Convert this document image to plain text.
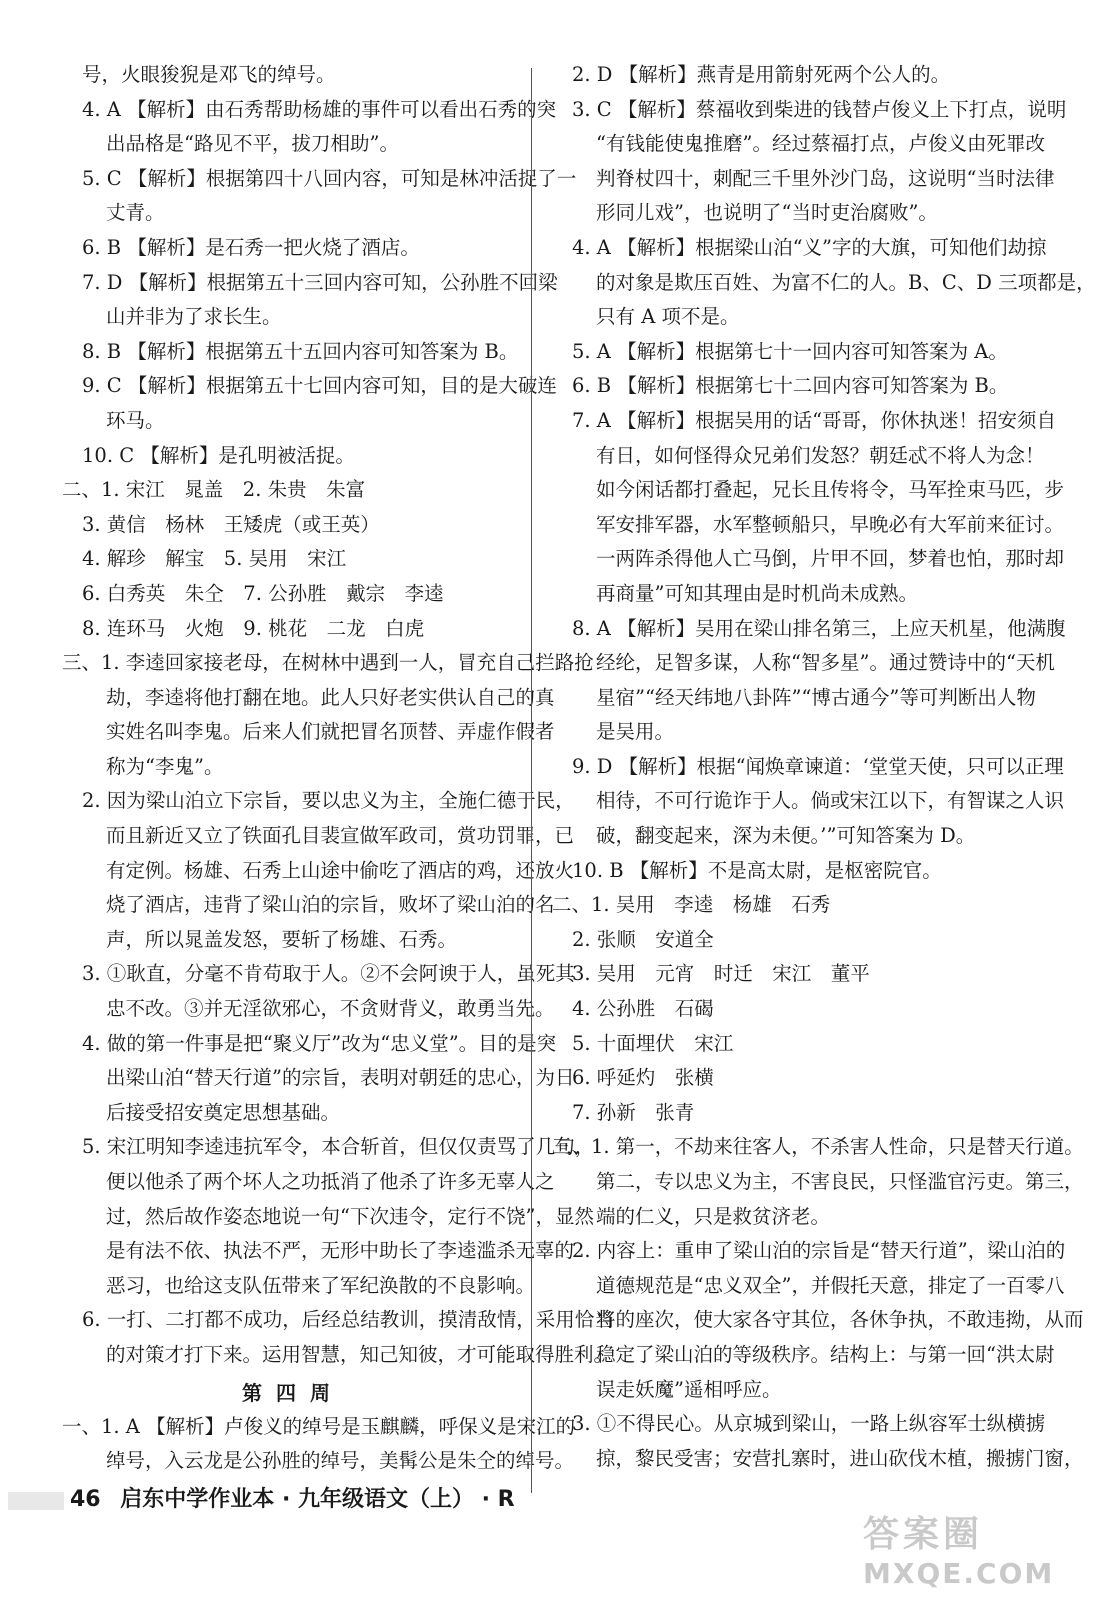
号，火眼狻猊是邓飞的绰号。
4. A 【解析】由石秀帮助杨雄的事件可以看出石秀的突
出品格是“路见不平，拔刀相助”。
5. C 【解析】根据第四十八回内容，可知是林冲活捉了一
丈青。
6. B 【解析】是石秀一把火烧了酒店。
7. D 【解析】根据第五十三回内容可知，公孙胜不回梁
山并非为了求长生。
8. B 【解析】根据第五十五回内容可知答案为 B。
9. C 【解析】根据第五十七回内容可知，目的是大破连
环马。
10. C 【解析】是孔明被活捉。
二、1. 宋江　晁盖　2. 朱贵　朱富
3. 黄信　杨林　王矮虎（或王英）
4. 解珍　解宝　5. 吴用　宋江
6. 白秀英　朱仝　7. 公孙胜　戴宗　李逵
8. 连环马　火炮　9. 桃花　二龙　白虎
三、1. 李逵回家接老母，在树林中遇到一人，冒充自己拦路抢
劫，李逵将他打翻在地。此人只好老实供认自己的真
实姓名叫李鬼。后来人们就把冒名顶替、弄虚作假者
称为“李鬼”。
2. 因为梁山泊立下宗旨，要以忠义为主，全施仁德于民，
而且新近又立了铁面孔目裴宣做军政司，赏功罚罪，已
有定例。杨雄、石秀上山途中偷吃了酒店的鸡，还放火
烧了酒店，违背了梁山泊的宗旨，败坏了梁山泊的名
声，所以晁盖发怒，要斩了杨雄、石秀。
3. ①耿直，分毫不肯苟取于人。②不会阿谀于人，虽死其
忠不改。③并无淫欲邪心，不贪财背义，敢勇当先。
4. 做的第一件事是把“聚义厅”改为“忠义堂”。目的是突
出梁山泊“替天行道”的宗旨，表明对朝廷的忠心，为日
后接受招安奠定思想基础。
5. 宋江明知李逵违抗军令，本合斩首，但仅仅责骂了几句，
便以他杀了两个坏人之功抵消了他杀了许多无辜人之
过，然后故作姿态地说一句“下次违令，定行不饶”，显然
是有法不依、执法不严，无形中助长了李逵滥杀无辜的
恶习，也给这支队伍带来了军纪涣散的不良影响。
6. 一打、二打都不成功，后经总结教训，摸清敌情，采用恰当
的对策才打下来。运用智慧，知己知彼，才可能取得胜利。
第四周
一、1. A 【解析】卢俊义的绰号是玉麒麟，呼保义是宋江的
绰号，入云龙是公孙胜的绰号，美髯公是朱仝的绰号。
2. D 【解析】燕青是用箭射死两个公人的。
3. C 【解析】蔡福收到柴进的钱替卢俊义上下打点，说明
“有钱能使鬼推磨”。经过蔡福打点，卢俊义由死罪改
判脊杖四十，刺配三千里外沙门岛，这说明“当时法律
形同儿戏”，也说明了“当时吏治腐败”。
4. A 【解析】根据梁山泊“义”字的大旗，可知他们劫掠
的对象是欺压百姓、为富不仁的人。B、C、D 三项都是，
只有 A 项不是。
5. A 【解析】根据第七十一回内容可知答案为 A。
6. B 【解析】根据第七十二回内容可知答案为 B。
7. A 【解析】根据吴用的话“哥哥，你休执迷！招安须自
有日，如何怪得众兄弟们发怒？朝廷忒不将人为念！
如今闲话都打叠起，兄长且传将令，马军拴束马匹，步
军安排军器，水军整顿船只，早晚必有大军前来征讨。
一两阵杀得他人亡马倒，片甲不回，梦着也怕，那时却
再商量”可知其理由是时机尚未成熟。
8. A 【解析】吴用在梁山排名第三，上应天机星，他满腹
经纶，足智多谋，人称“智多星”。通过赞诗中的“天机
星宿”“经天纬地八卦阵”“博古通今”等可判断出人物
是吴用。
9. D 【解析】根据“闻焕章谏道：‘堂堂天使，只可以正理
相待，不可行诡诈于人。倘或宋江以下，有智谋之人识
破，翻变起来，深为未便。’”可知答案为 D。
10. B 【解析】不是高太尉，是枢密院官。
二、1. 吴用　李逵　杨雄　石秀
2. 张顺　安道全
3. 吴用　元宵　时迁　宋江　董平
4. 公孙胜　石碣
5. 十面埋伏　宋江
6. 呼延灼　张横
7. 孙新　张青
三、1. 第一，不劫来往客人，不杀害人性命，只是替天行道。
第二，专以忠义为主，不害良民，只怪滥官污吏。第三，
端的仁义，只是救贫济老。
2. 内容上：重申了梁山泊的宗旨是“替天行道”，梁山泊的
道德规范是“忠义双全”，并假托天意，排定了一百零八
将的座次，使大家各守其位，各休争执，不敢违拗，从而
稳定了梁山泊的等级秩序。结构上：与第一回“洪太尉
误走妖魔”遥相呼应。
3. ①不得民心。从京城到梁山，一路上纵容军士纵横掳
掠，黎民受害；安营扎寨时，进山砍伐木植，搬掳门窗，
46 启东中学作业本 · 九年级语文（上） · R
答案圈
MXQE.COM
